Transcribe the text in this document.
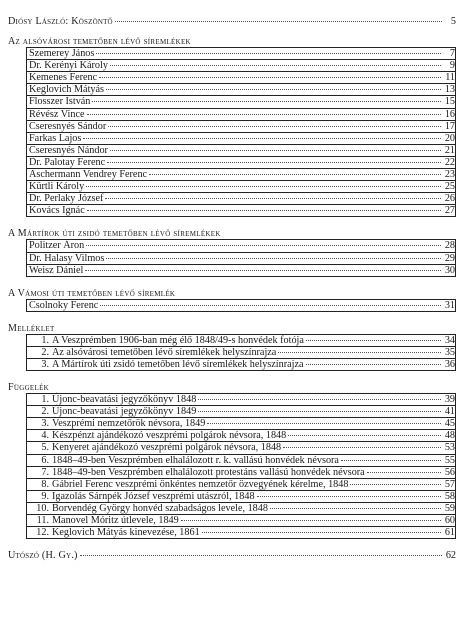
Diósy László: Köszöntő	5
Az alsóvárosi temetőben lévő síremlékek
Szemerey János	7
Dr. Kerényi Károly	9
Kemenes Ferenc	11
Keglovich Mátyás	13
Flosszer István	15
Révész Vince	16
Cseresnyés Sándor	17
Farkas Lajos	20
Cseresnyés Nándor	21
Dr. Palotay Ferenc	22
Aschermann Vendrey Ferenc	23
Kürtli Károly	25
Dr. Perlaky József	26
Kovács Ignác	27
A Mártírok úti zsidó temetőben lévő síremlékek
Politzer Áron	28
Dr. Halasy Vilmos	29
Weisz Dániel	30
A Vámosi úti temetőben lévő síremlék
Csolnoky Ferenc	31
Melléklet
1. A Veszprémben 1906-ban még élő 1848/49-s honvédek fotója	34
2. Az alsóvárosi temetőben lévő síremlékek helyszínrajza	35
3. A Mártírok úti zsidó temetőben lévő síremlékek helyszínrajza	36
Függelék
1. Újonc-beavatási jegyzőkönyv 1848	39
2. Újonc-beavatási jegyzőkönyv 1849	41
3. Veszprémi nemzetőrök névsora, 1849	45
4. Készpénzt ajándékozó veszprémi polgárok névsora, 1848	48
5. Kenyeret ajándékozó veszprémi polgárok névsora, 1848	53
6. 1848–49-ben Veszprémben elhalálozott r. k. vallású honvédek névsora	55
7. 1848–49-ben Veszprémben elhalálozott protestáns vallású honvédek névsora	56
8. Gábriel Ferenc veszprémi önkéntes nemzetőr özvegyének kérelme, 1848	57
9. Igazolás Sárnpék József veszprémi utászról, 1848	58
10. Borvendég György honvéd szabadságos levele, 1848	59
11. Manovel Móritz útlevele, 1849	60
12. Keglovich Mátyás kinevezése, 1861	61
Utószó (H. Gy.)	62
